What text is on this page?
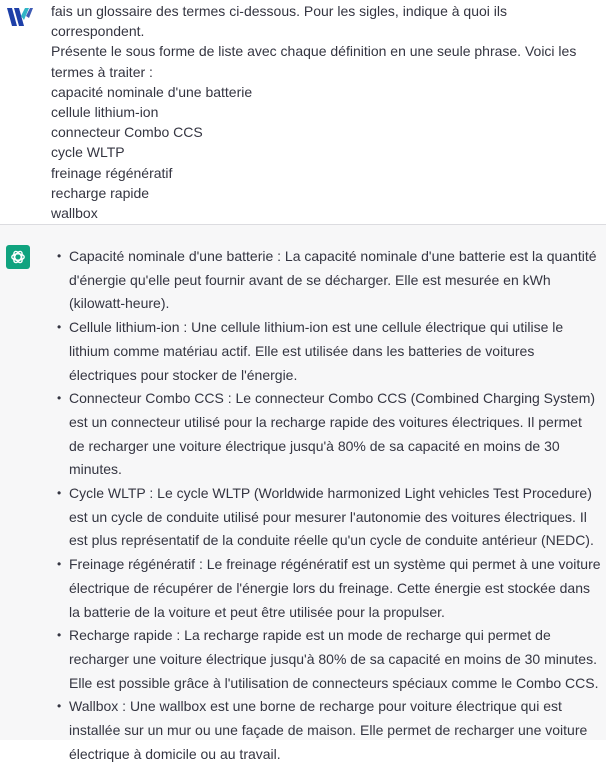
fais un glossaire des termes ci-dessous. Pour les sigles, indique à quoi ils correspondent.
Présente le sous forme de liste avec chaque définition en une seule phrase. Voici les
termes à traiter :
capacité nominale d'une batterie
cellule lithium-ion
connecteur Combo CCS
cycle WLTP
freinage régénératif
recharge rapide
wallbox

• Capacité nominale d'une batterie : La capacité nominale d'une batterie est la quantité d'énergie qu'elle peut fournir avant de se décharger. Elle est mesurée en kWh (kilowatt-heure).
• Cellule lithium-ion : Une cellule lithium-ion est une cellule électrique qui utilise le lithium comme matériau actif. Elle est utilisée dans les batteries de voitures électriques pour stocker de l'énergie.
• Connecteur Combo CCS : Le connecteur Combo CCS (Combined Charging System) est un connecteur utilisé pour la recharge rapide des voitures électriques. Il permet de recharger une voiture électrique jusqu'à 80% de sa capacité en moins de 30 minutes.
• Cycle WLTP : Le cycle WLTP (Worldwide harmonized Light vehicles Test Procedure) est un cycle de conduite utilisé pour mesurer l'autonomie des voitures électriques. Il est plus représentatif de la conduite réelle qu'un cycle de conduite antérieur (NEDC).
• Freinage régénératif : Le freinage régénératif est un système qui permet à une voiture électrique de récupérer de l'énergie lors du freinage. Cette énergie est stockée dans la batterie de la voiture et peut être utilisée pour la propulser.
• Recharge rapide : La recharge rapide est un mode de recharge qui permet de recharger une voiture électrique jusqu'à 80% de sa capacité en moins de 30 minutes. Elle est possible grâce à l'utilisation de connecteurs spéciaux comme le Combo CCS.
• Wallbox : Une wallbox est une borne de recharge pour voiture électrique qui est installée sur un mur ou une façade de maison. Elle permet de recharger une voiture électrique à domicile ou au travail.
